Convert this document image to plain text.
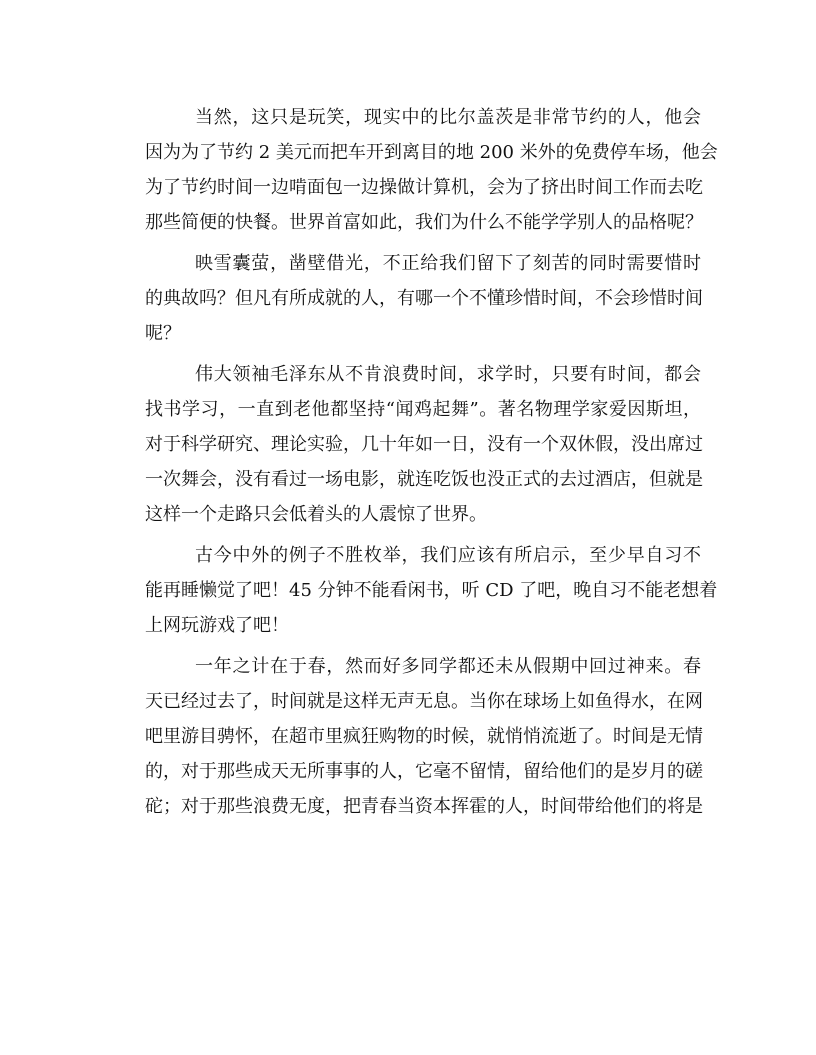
当然，这只是玩笑，现实中的比尔盖茨是非常节约的人，他会
因为为了节约 2 美元而把车开到离目的地 200 米外的免费停车场，他会
为了节约时间一边啃面包一边操做计算机，会为了挤出时间工作而去吃
那些简便的快餐。世界首富如此，我们为什么不能学学别人的品格呢？
映雪囊萤，凿壁借光，不正给我们留下了刻苦的同时需要惜时
的典故吗？但凡有所成就的人，有哪一个不懂珍惜时间，不会珍惜时间
呢？
伟大领袖毛泽东从不肯浪费时间，求学时，只要有时间，都会
找书学习，一直到老他都坚持“闻鸡起舞”。著名物理学家爱因斯坦，
对于科学研究、理论实验，几十年如一日，没有一个双休假，没出席过
一次舞会，没有看过一场电影，就连吃饭也没正式的去过酒店，但就是
这样一个走路只会低着头的人震惊了世界。
古今中外的例子不胜枚举，我们应该有所启示，至少早自习不
能再睡懒觉了吧！45 分钟不能看闲书，听 CD 了吧，晚自习不能老想着
上网玩游戏了吧！
一年之计在于春，然而好多同学都还未从假期中回过神来。春
天已经过去了，时间就是这样无声无息。当你在球场上如鱼得水，在网
吧里游目骋怀，在超市里疯狂购物的时候，就悄悄流逝了。时间是无情
的，对于那些成天无所事事的人，它毫不留情，留给他们的是岁月的磋
砣；对于那些浪费无度，把青春当资本挥霍的人，时间带给他们的将是
